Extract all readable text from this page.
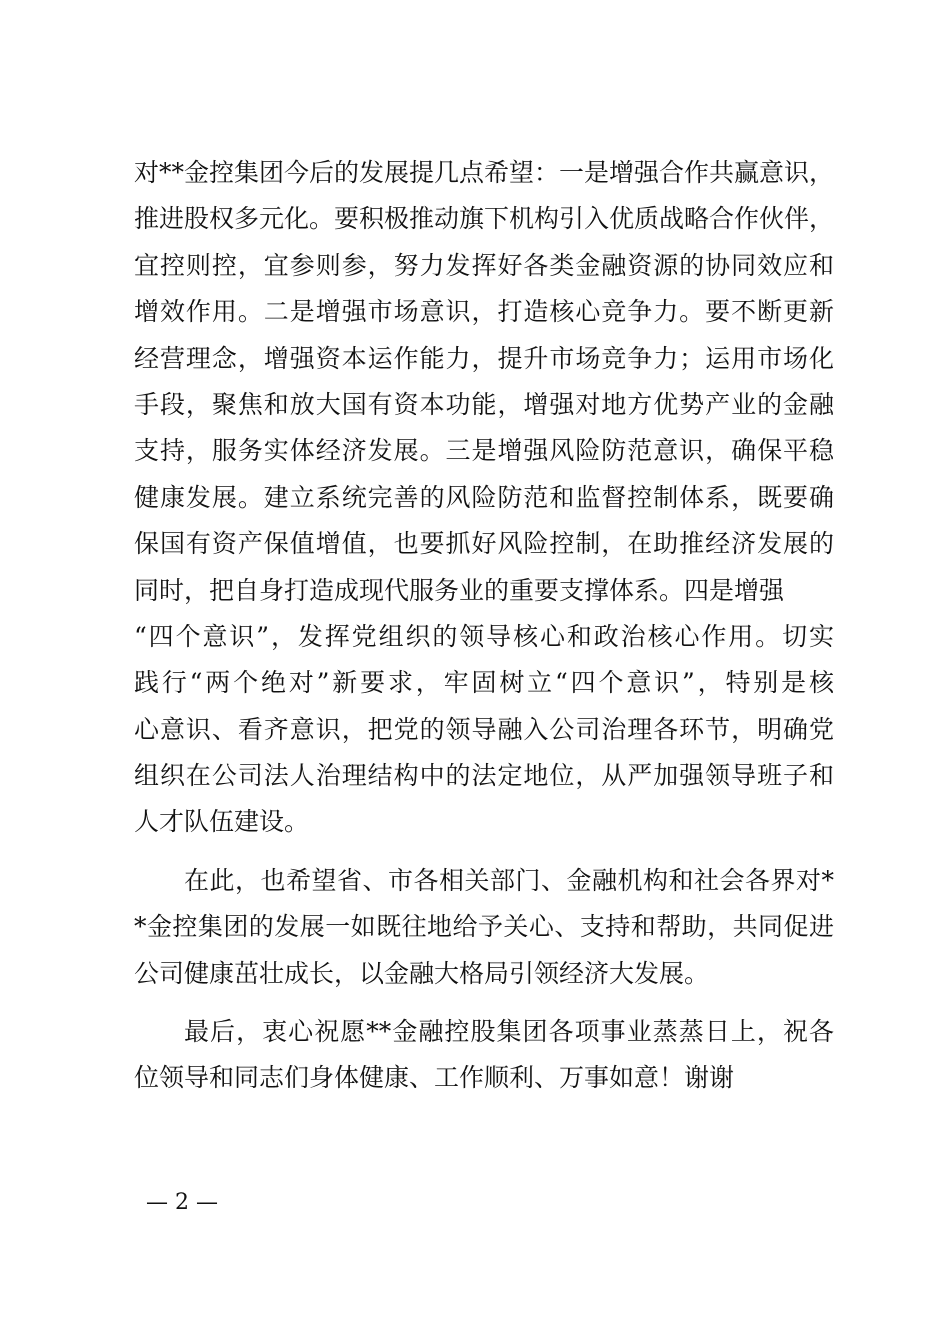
对**金控集团今后的发展提几点希望：一是增强合作共赢意识，
推进股权多元化。要积极推动旗下机构引入优质战略合作伙伴，
宜控则控，宜参则参，努力发挥好各类金融资源的协同效应和
增效作用。二是增强市场意识，打造核心竞争力。要不断更新
经营理念，增强资本运作能力，提升市场竞争力；运用市场化
手段，聚焦和放大国有资本功能，增强对地方优势产业的金融
支持，服务实体经济发展。三是增强风险防范意识，确保平稳
健康发展。建立系统完善的风险防范和监督控制体系，既要确
保国有资产保值增值，也要抓好风险控制，在助推经济发展的
同时，把自身打造成现代服务业的重要支撑体系。四是增强
“四个意识”，发挥党组织的领导核心和政治核心作用。切实
践行“两个绝对”新要求，牢固树立“四个意识”，特别是核
心意识、看齐意识，把党的领导融入公司治理各环节，明确党
组织在公司法人治理结构中的法定地位，从严加强领导班子和
人才队伍建设。
在此，也希望省、市各相关部门、金融机构和社会各界对*
*金控集团的发展一如既往地给予关心、支持和帮助，共同促进
公司健康茁壮成长，以金融大格局引领经济大发展。
最后，衷心祝愿**金融控股集团各项事业蒸蒸日上，祝各
位领导和同志们身体健康、工作顺利、万事如意！谢谢
— 2 —
